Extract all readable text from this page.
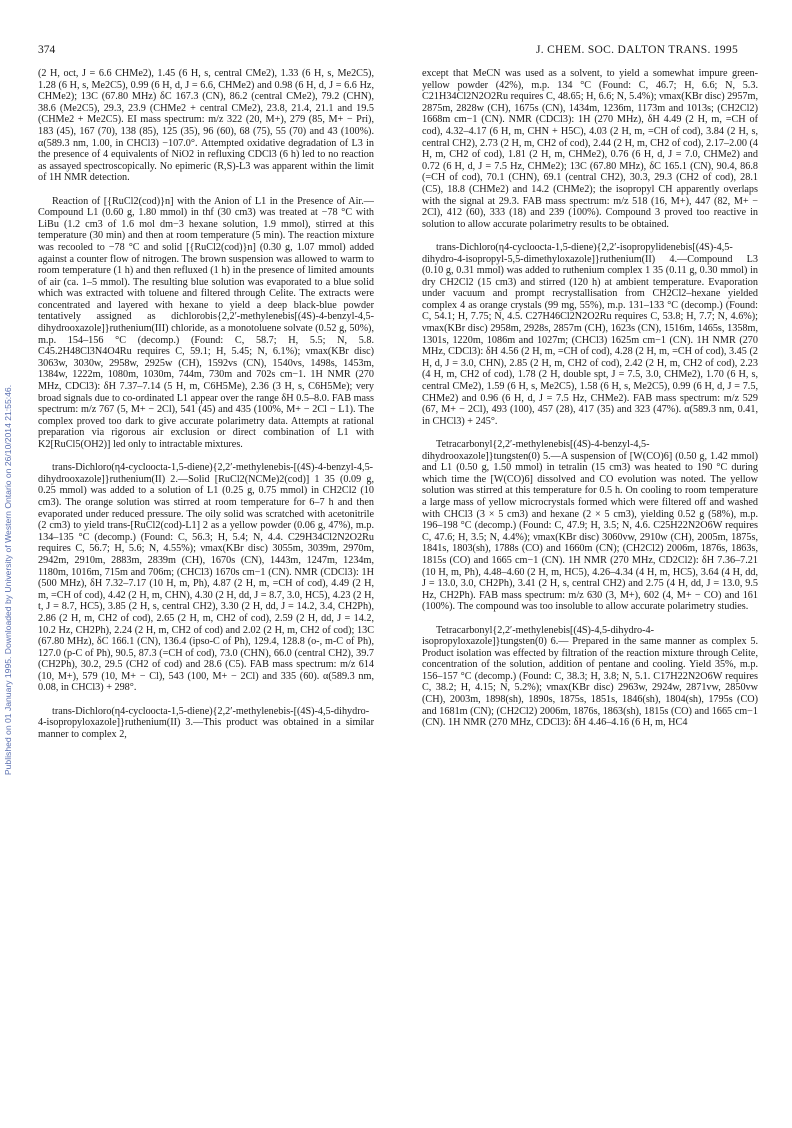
374	J. CHEM. SOC. DALTON TRANS. 1995
Published on 01 January 1995. Downloaded by University of Western Ontario on 26/10/2014 21:55:46.

(2 H, oct, J = 6.6 CHMe2), 1.45 (6 H, s, central CMe2), 1.33 (6 H, s, Me2C5), 1.28 (6 H, s, Me2C5), 0.99 (6 H, d, J = 6.6, CHMe2) and 0.98 (6 H, d, J = 6.6 Hz, CHMe2); 13C (67.80 MHz) δC 167.3 (CN), 86.2 (central CMe2), 79.2 (CHN), 38.6 (Me2C5), 29.3, 23.9 (CHMe2 + central CMe2), 23.8, 21.4, 21.1 and 19.5 (CHMe2 + Me2C5). EI mass spectrum: m/z 322 (20, M+), 279 (85, M+ − Pri), 183 (45), 167 (70), 138 (85), 125 (35), 96 (60), 68 (75), 55 (70) and 43 (100%). α(589.3 nm, 1.00, in CHCl3) −107.0°. Attempted oxidative degradation of L3 in the presence of 4 equivalents of NiO2 in refluxing CDCl3 (6 h) led to no reaction as assayed spectroscopically. No epimeric (R,S)-L3 was apparent within the limit of 1H NMR detection.

Reaction of [{RuCl2(cod)}n] with the Anion of L1 in the Presence of Air.—Compound L1 (0.60 g, 1.80 mmol) in thf (30 cm3) was treated at −78 °C with LiBu (1.2 cm3 of 1.6 mol dm−3 hexane solution, 1.9 mmol), stirred at this temperature (30 min) and then at room temperature (5 min). The reaction mixture was recooled to −78 °C and solid [{RuCl2(cod)}n] (0.30 g, 1.07 mmol) added against a counter flow of nitrogen. The brown suspension was allowed to warm to room temperature (1 h) and then refluxed (1 h) in the presence of limited amounts of air (ca. 1–5 mmol). The resulting blue solution was evaporated to a blue solid which was extracted with toluene and filtered through Celite. The extracts were concentrated and layered with hexane to yield a deep black-blue powder tentatively assigned as dichlorobis{2,2′-methylenebis[(4S)-4-benzyl-4,5-dihydrooxazole]}ruthenium(III) chloride, as a monotoluene solvate (0.52 g, 50%), m.p. 154–156 °C (decomp.) (Found: C, 58.7; H, 5.5; N, 5.8. C45.2H48Cl3N4O4Ru requires C, 59.1; H, 5.45; N, 6.1%); νmax(KBr disc) 3063w, 3030w, 2958w, 2925w (CH), 1592vs (CN), 1540vs, 1498s, 1453m, 1384w, 1222m, 1080m, 1030m, 744m, 730m and 702s cm−1. 1H NMR (270 MHz, CDCl3): δH 7.37–7.14 (5 H, m, C6H5Me), 2.36 (3 H, s, C6H5Me); very broad signals due to co-ordinated L1 appear over the range δH 0.5–8.0. FAB mass spectrum: m/z 767 (5, M+ − 2Cl), 541 (45) and 435 (100%, M+ − 2Cl − L1). The complex proved too dark to give accurate polarimetry data. Attempts at rational preparation via rigorous air exclusion or direct combination of L1 with K2[RuCl5(OH2)] led only to intractable mixtures.

trans-Dichloro(η4-cycloocta-1,5-diene){2,2′-methylenebis-[(4S)-4-benzyl-4,5-dihydrooxazole]}ruthenium(II) 2.—Solid [RuCl2(NCMe)2(cod)] 1 35 (0.09 g, 0.25 mmol) was added to a solution of L1 (0.25 g, 0.75 mmol) in CH2Cl2 (10 cm3). The orange solution was stirred at room temperature for 6–7 h and then evaporated under reduced pressure. The oily solid was scratched with acetonitrile (2 cm3) to yield trans-[RuCl2(cod)-L1] 2 as a yellow powder (0.06 g, 47%), m.p. 134–135 °C (decomp.) (Found: C, 56.3; H, 5.4; N, 4.4. C29H34Cl2N2O2Ru requires C, 56.7; H, 5.6; N, 4.55%); νmax(KBr disc) 3055m, 3039m, 2970m, 2942m, 2910m, 2883m, 2839m (CH), 1670s (CN), 1443m, 1247m, 1234m, 1180m, 1016m, 715m and 706m; (CHCl3) 1670s cm−1 (CN). NMR (CDCl3): 1H (500 MHz), δH 7.32–7.17 (10 H, m, Ph), 4.87 (2 H, m, =CH of cod), 4.49 (2 H, m, =CH of cod), 4.42 (2 H, m, CHN), 4.30 (2 H, dd, J = 8.7, 3.0, HC5), 4.23 (2 H, t, J = 8.7, HC5), 3.85 (2 H, s, central CH2), 3.30 (2 H, dd, J = 14.2, 3.4, CH2Ph), 2.86 (2 H, m, CH2 of cod), 2.65 (2 H, m, CH2 of cod), 2.59 (2 H, dd, J = 14.2, 10.2 Hz, CH2Ph), 2.24 (2 H, m, CH2 of cod) and 2.02 (2 H, m, CH2 of cod); 13C (67.80 MHz), δC 166.1 (CN), 136.4 (ipso-C of Ph), 129.4, 128.8 (o-, m-C of Ph), 127.0 (p-C of Ph), 90.5, 87.3 (=CH of cod), 73.0 (CHN), 66.0 (central CH2), 39.7 (CH2Ph), 30.2, 29.5 (CH2 of cod) and 28.6 (C5). FAB mass spectrum: m/z 614 (10, M+), 579 (10, M+ − Cl), 543 (100, M+ − 2Cl) and 335 (60). α(589.3 nm, 0.08, in CHCl3) + 298°.

trans-Dichloro(η4-cycloocta-1,5-diene){2,2′-methylenebis-[(4S)-4,5-dihydro-4-isopropyloxazole]}ruthenium(II) 3.—This product was obtained in a similar manner to complex 2,

except that MeCN was used as a solvent, to yield a somewhat impure green-yellow powder (42%), m.p. 134 °C (Found: C, 46.7; H, 6.6; N, 5.3. C21H34Cl2N2O2Ru requires C, 48.65; H, 6.6; N, 5.4%); νmax(KBr disc) 2957m, 2875m, 2828w (CH), 1675s (CN), 1434m, 1236m, 1173m and 1013s; (CH2Cl2) 1668m cm−1 (CN). NMR (CDCl3): 1H (270 MHz), δH 4.49 (2 H, m, =CH of cod), 4.32–4.17 (6 H, m, CHN + H5C), 4.03 (2 H, m, =CH of cod), 3.84 (2 H, s, central CH2), 2.73 (2 H, m, CH2 of cod), 2.44 (2 H, m, CH2 of cod), 2.17–2.00 (4 H, m, CH2 of cod), 1.81 (2 H, m, CHMe2), 0.76 (6 H, d, J = 7.0, CHMe2) and 0.72 (6 H, d, J = 7.5 Hz, CHMe2); 13C (67.80 MHz), δC 165.1 (CN), 90.4, 86.8 (=CH of cod), 70.1 (CHN), 69.1 (central CH2), 30.3, 29.3 (CH2 of cod), 28.1 (C5), 18.8 (CHMe2) and 14.2 (CHMe2); the isopropyl CH apparently overlaps with the signal at 29.3. FAB mass spectrum: m/z 518 (16, M+), 447 (82, M+ − 2Cl), 412 (60), 333 (18) and 239 (100%). Compound 3 proved too reactive in solution to allow accurate polarimetry results to be obtained.

trans-Dichloro(η4-cycloocta-1,5-diene){2,2′-isopropylidenebis[(4S)-4,5-dihydro-4-isopropyl-5,5-dimethyloxazole]}ruthenium(II) 4.—Compound L3 (0.10 g, 0.31 mmol) was added to ruthenium complex 1 35 (0.11 g, 0.30 mmol) in dry CH2Cl2 (15 cm3) and stirred (120 h) at ambient temperature. Evaporation under vacuum and prompt recrystallisation from CH2Cl2–hexane yielded complex 4 as orange crystals (99 mg, 55%), m.p. 131–133 °C (decomp.) (Found: C, 54.1; H, 7.75; N, 4.5. C27H46Cl2N2O2Ru requires C, 53.8; H, 7.7; N, 4.6%); νmax(KBr disc) 2958m, 2928s, 2857m (CH), 1623s (CN), 1516m, 1465s, 1358m, 1301s, 1220m, 1086m and 1027m; (CHCl3) 1625m cm−1 (CN). 1H NMR (270 MHz, CDCl3): δH 4.56 (2 H, m, =CH of cod), 4.28 (2 H, m, =CH of cod), 3.45 (2 H, d, J = 3.0, CHN), 2.85 (2 H, m, CH2 of cod), 2.42 (2 H, m, CH2 of cod), 2.23 (4 H, m, CH2 of cod), 1.78 (2 H, double spt, J = 7.5, 3.0, CHMe2), 1.70 (6 H, s, central CMe2), 1.59 (6 H, s, Me2C5), 1.58 (6 H, s, Me2C5), 0.99 (6 H, d, J = 7.5, CHMe2) and 0.96 (6 H, d, J = 7.5 Hz, CHMe2). FAB mass spectrum: m/z 529 (67, M+ − 2Cl), 493 (100), 457 (28), 417 (35) and 323 (47%). α(589.3 nm, 0.41, in CHCl3) + 245°.

Tetracarbonyl{2,2′-methylenebis[(4S)-4-benzyl-4,5-dihydrooxazole]}tungsten(0) 5.—A suspension of [W(CO)6] (0.50 g, 1.42 mmol) and L1 (0.50 g, 1.50 mmol) in tetralin (15 cm3) was heated to 190 °C during which time the [W(CO)6] dissolved and CO evolution was noted. The yellow solution was stirred at this temperature for 0.5 h. On cooling to room temperature a large mass of yellow microcrystals formed which were filtered off and washed with CHCl3 (3 × 5 cm3) and hexane (2 × 5 cm3), yielding 0.52 g (58%), m.p. 196–198 °C (decomp.) (Found: C, 47.9; H, 3.5; N, 4.6. C25H22N2O6W requires C, 47.6; H, 3.5; N, 4.4%); νmax(KBr disc) 3060vw, 2910w (CH), 2005m, 1875s, 1841s, 1803(sh), 1788s (CO) and 1660m (CN); (CH2Cl2) 2006m, 1876s, 1863s, 1815s (CO) and 1665 cm−1 (CN). 1H NMR (270 MHz, CD2Cl2): δH 7.36–7.21 (10 H, m, Ph), 4.48–4.60 (2 H, m, HC5), 4.26–4.34 (4 H, m, HC5), 3.64 (4 H, dd, J = 13.0, 3.0, CH2Ph), 3.41 (2 H, s, central CH2) and 2.75 (4 H, dd, J = 13.0, 9.5 Hz, CH2Ph). FAB mass spectrum: m/z 630 (3, M+), 602 (4, M+ − CO) and 161 (100%). The compound was too insoluble to allow accurate polarimetry studies.

Tetracarbonyl{2,2′-methylenebis[(4S)-4,5-dihydro-4-isopropyloxazole]}tungsten(0) 6.— Prepared in the same manner as complex 5. Product isolation was effected by filtration of the reaction mixture through Celite, concentration of the solution, addition of pentane and cooling. Yield 35%, m.p. 156–157 °C (decomp.) (Found: C, 38.3; H, 3.8; N, 5.1. C17H22N2O6W requires C, 38.2; H, 4.15; N, 5.2%); νmax(KBr disc) 2963w, 2924w, 2871vw, 2850vw (CH), 2003m, 1898(sh), 1890s, 1875s, 1851s, 1846(sh), 1804(sh), 1795s (CO) and 1681m (CN); (CH2Cl2) 2006m, 1876s, 1863(sh), 1815s (CO) and 1665 cm−1 (CN). 1H NMR (270 MHz, CDCl3): δH 4.46–4.16 (6 H, m, HC4
